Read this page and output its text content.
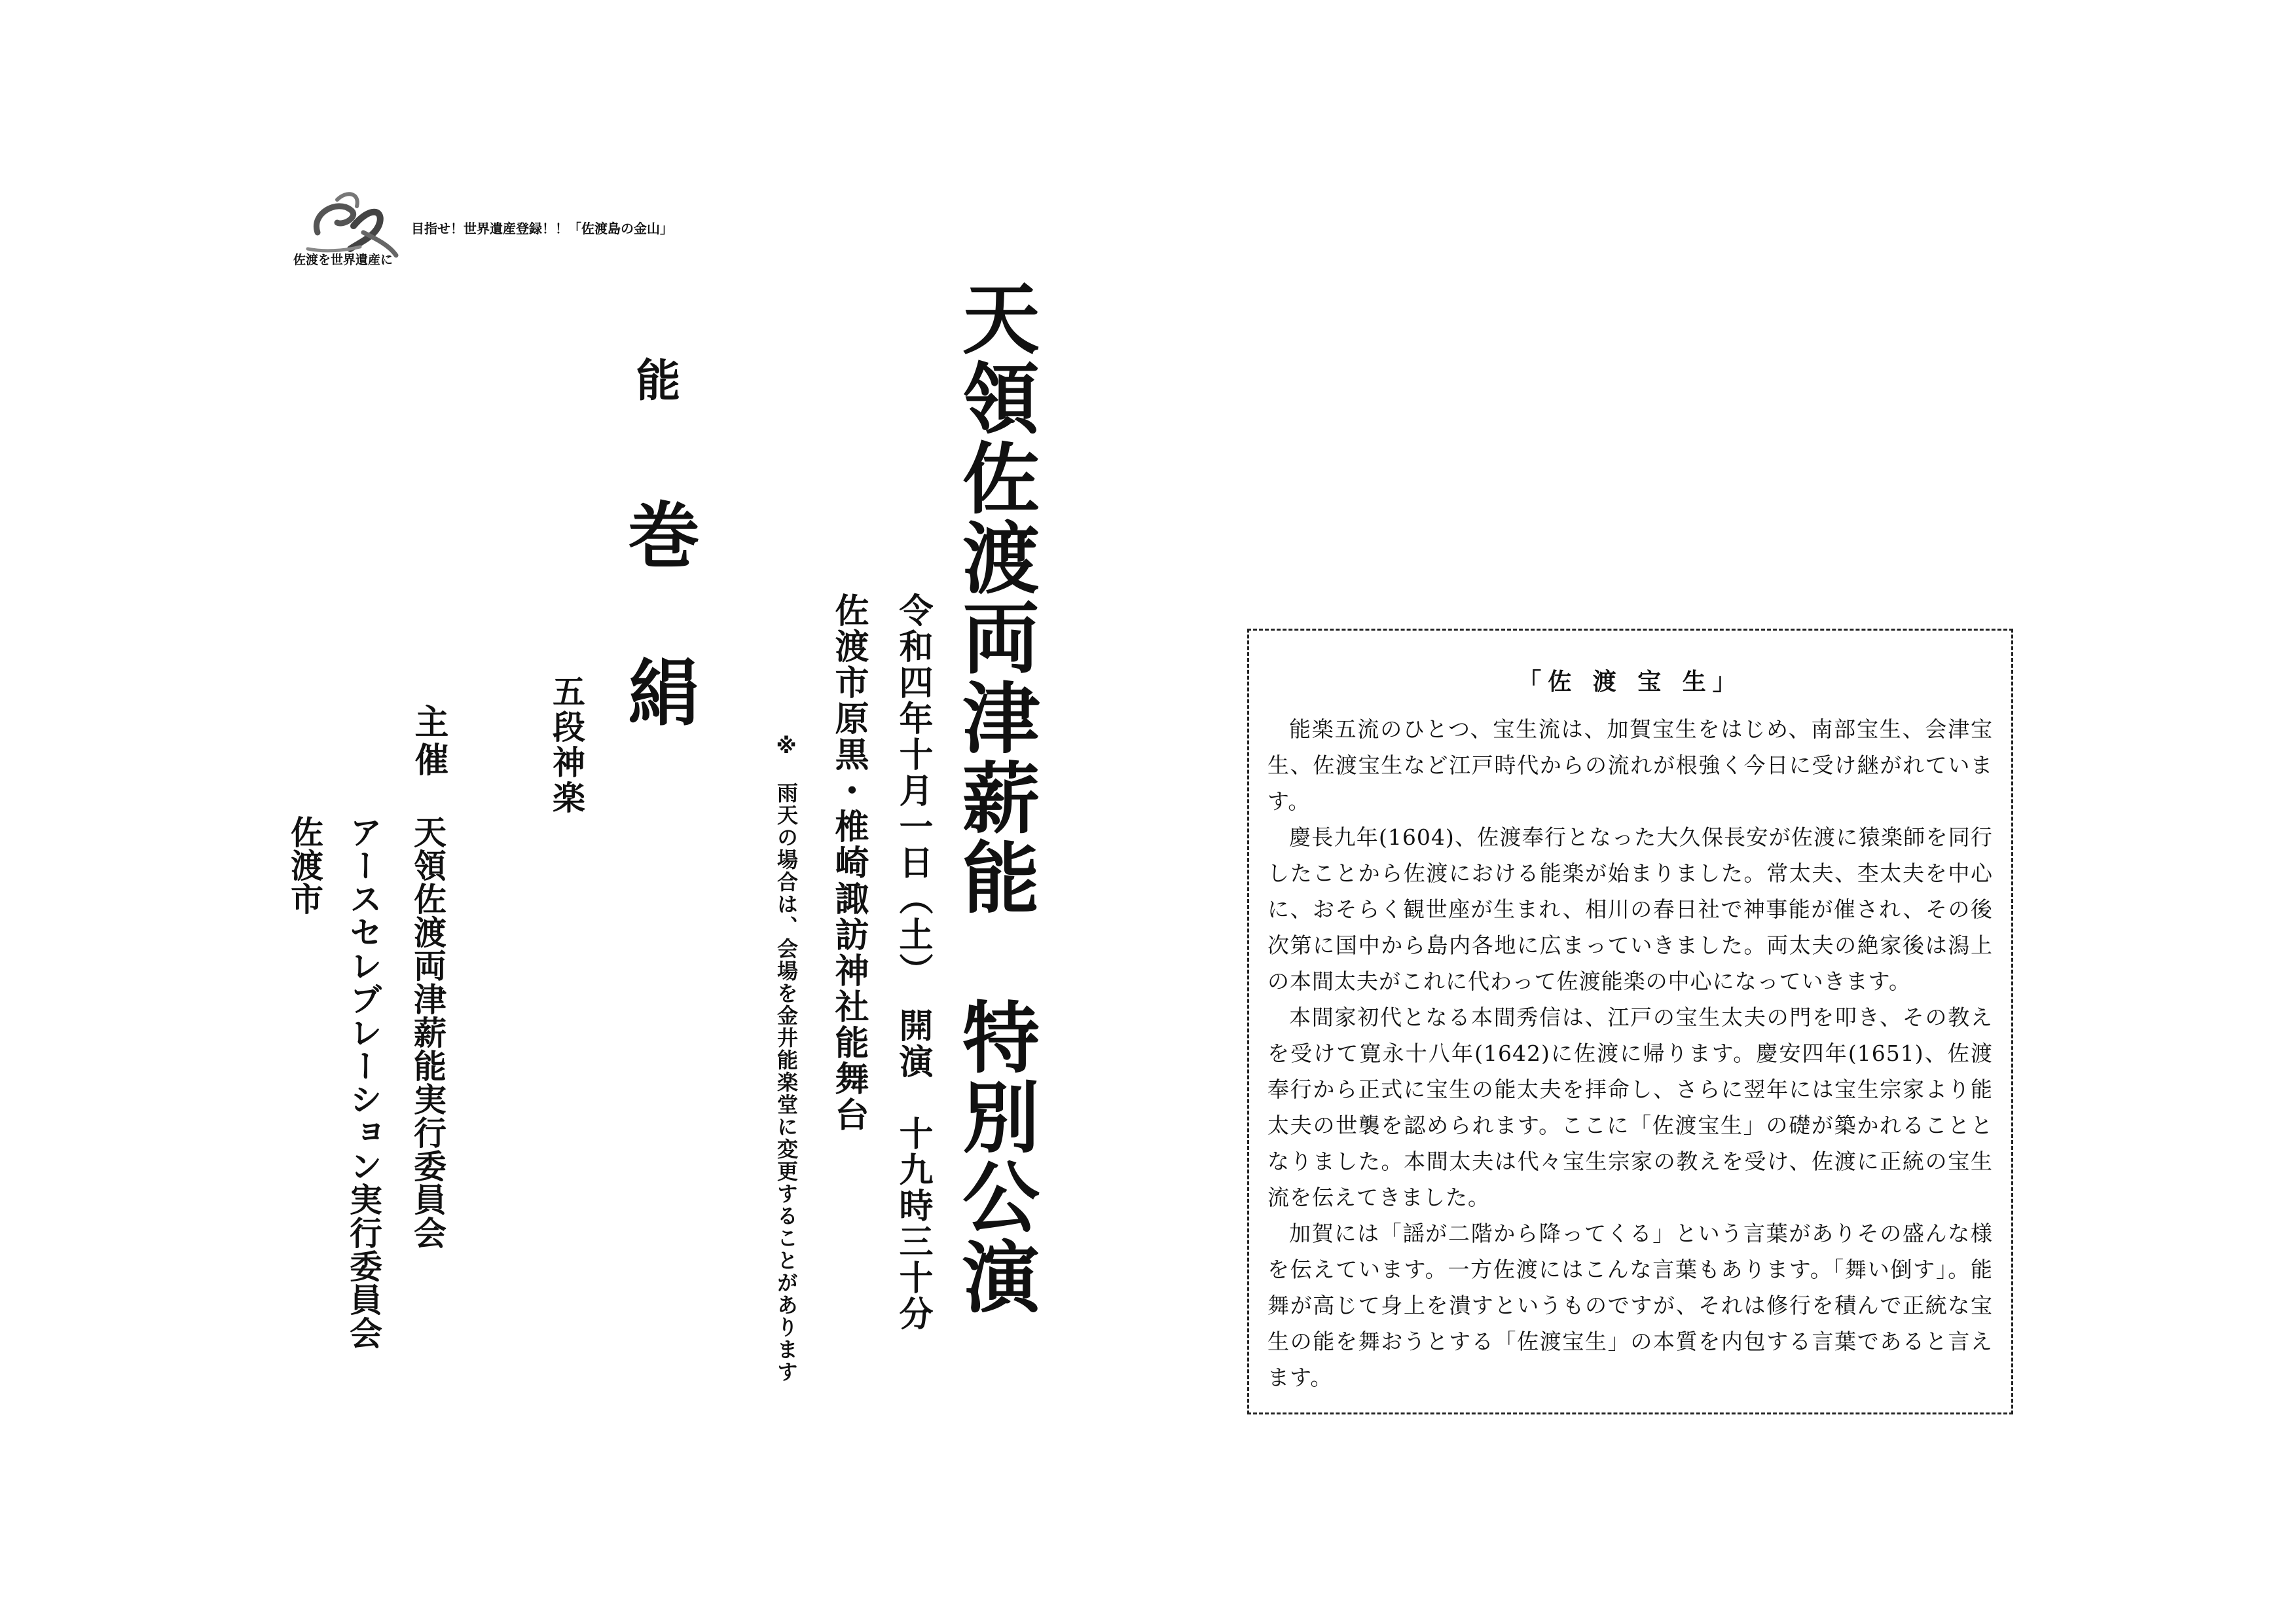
佐渡を世界遺産に
目指せ！世界遺産登録！！「佐渡島の金山」
天領佐渡両津薪能　特別公演
令和四年十月一日（土）　開演　十九時三十分
佐渡市原黒・椎崎諏訪神社能舞台
※　雨天の場合は、会場を金井能楽堂に変更することがあります
能
巻絹
五段神楽
主催
天領佐渡両津薪能実行委員会
アースセレブレーション実行委員会
佐渡市
「佐 渡 宝 生」

能楽五流のひとつ、宝生流は、加賀宝生をはじめ、南部宝生、会津宝生、佐渡宝生など江戸時代からの流れが根強く今日に受け継がれています。

慶長九年(1604)、佐渡奉行となった大久保長安が佐渡に猿楽師を同行したことから佐渡における能楽が始まりました。常太夫、杢太夫を中心に、おそらく観世座が生まれ、相川の春日社で神事能が催され、その後次第に国中から島内各地に広まっていきました。両太夫の絶家後は潟上の本間太夫がこれに代わって佐渡能楽の中心になっていきます。

本間家初代となる本間秀信は、江戸の宝生太夫の門を叩き、その教えを受けて寛永十八年(1642)に佐渡に帰ります。慶安四年(1651)、佐渡奉行から正式に宝生の能太夫を拝命し、さらに翌年には宝生宗家より能太夫の世襲を認められます。ここに「佐渡宝生」の礎が築かれることとなりました。本間太夫は代々宝生宗家の教えを受け、佐渡に正統の宝生流を伝えてきました。

加賀には「謡が二階から降ってくる」という言葉がありその盛んな様を伝えています。一方佐渡にはこんな言葉もあります。「舞い倒す」。能舞が高じて身上を潰すというものですが、それは修行を積んで正統な宝生の能を舞おうとする「佐渡宝生」の本質を内包する言葉であると言えます。
